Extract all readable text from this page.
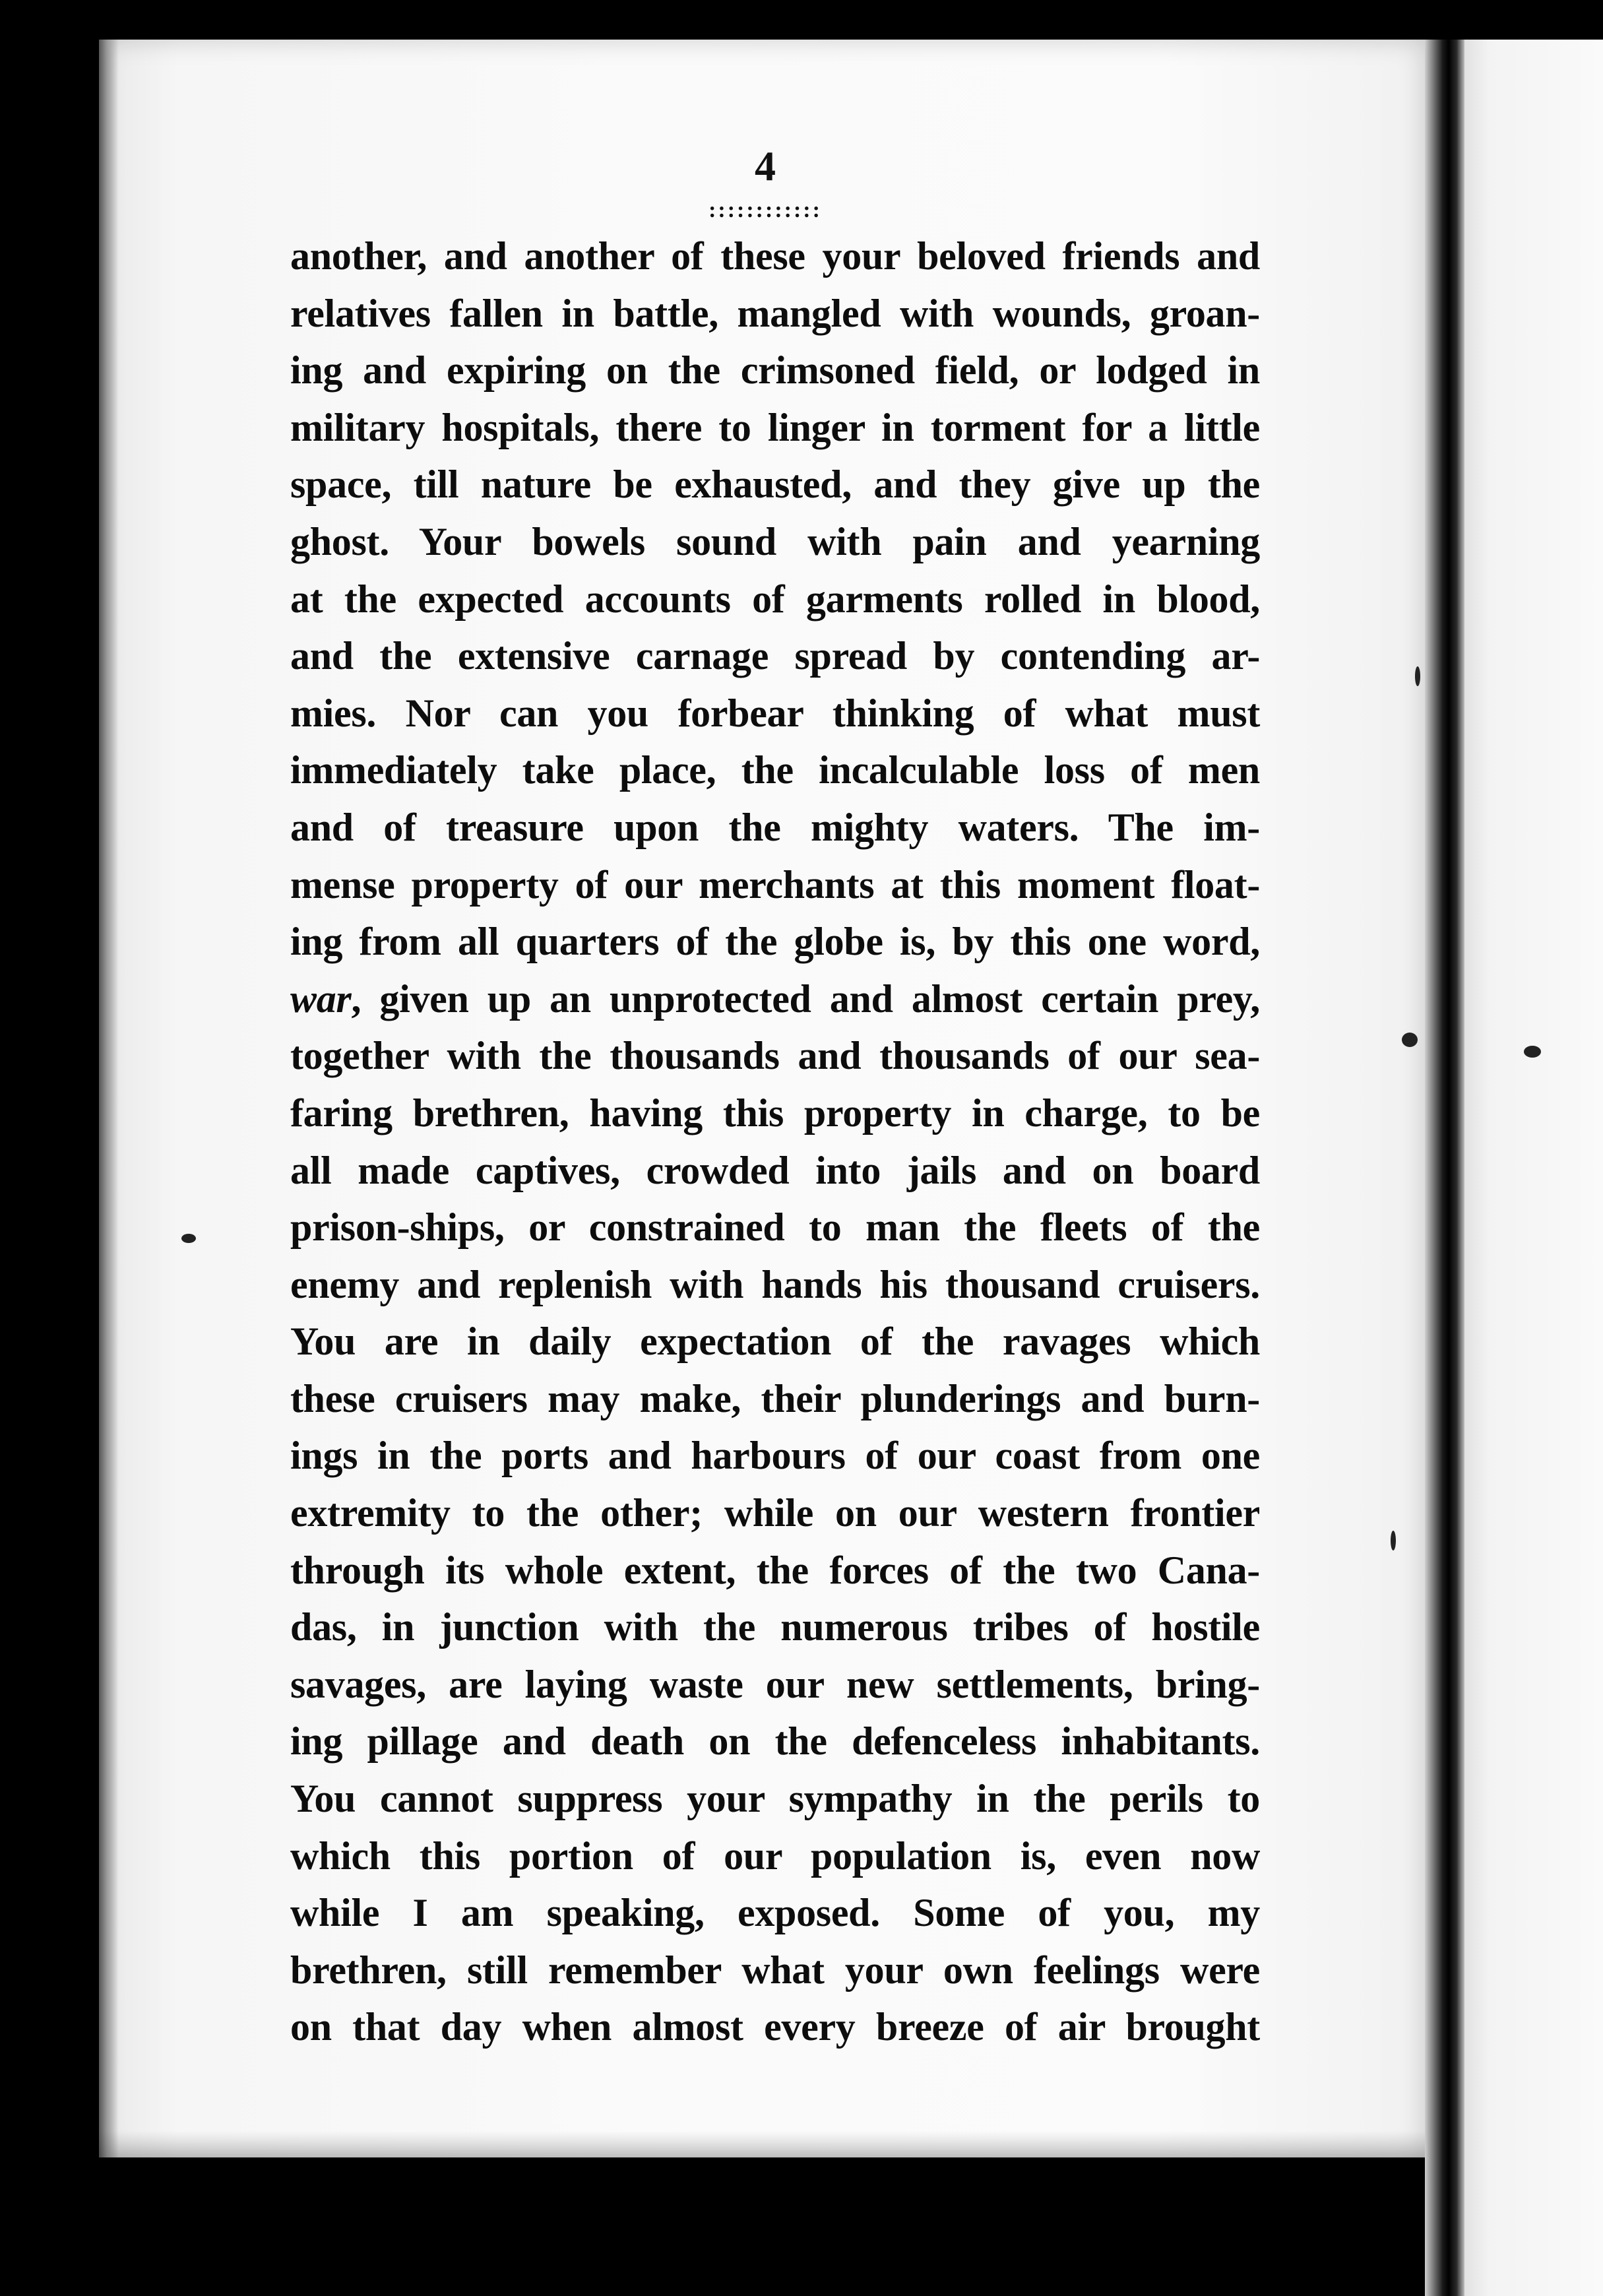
4
::::::::::::
another, and another of these your beloved friends and
relatives fallen in battle, mangled with wounds, groan-
ing and expiring on the crimsoned field, or lodged in
military hospitals, there to linger in torment for a little
space, till nature be exhausted, and they give up the
ghost. Your bowels sound with pain and yearning
at the expected accounts of garments rolled in blood,
and the extensive carnage spread by contending ar-
mies. Nor can you forbear thinking of what must
immediately take place, the incalculable loss of men
and of treasure upon the mighty waters. The im-
mense property of our merchants at this moment float-
ing from all quarters of the globe is, by this one word,
war, given up an unprotected and almost certain prey,
together with the thousands and thousands of our sea-
faring brethren, having this property in charge, to be
all made captives, crowded into jails and on board
prison-ships, or constrained to man the fleets of the
enemy and replenish with hands his thousand cruisers.
You are in daily expectation of the ravages which
these cruisers may make, their plunderings and burn-
ings in the ports and harbours of our coast from one
extremity to the other; while on our western frontier
through its whole extent, the forces of the two Cana-
das, in junction with the numerous tribes of hostile
savages, are laying waste our new settlements, bring-
ing pillage and death on the defenceless inhabitants.
You cannot suppress your sympathy in the perils to
which this portion of our population is, even now
while I am speaking, exposed. Some of you, my
brethren, still remember what your own feelings were
on that day when almost every breeze of air brought
